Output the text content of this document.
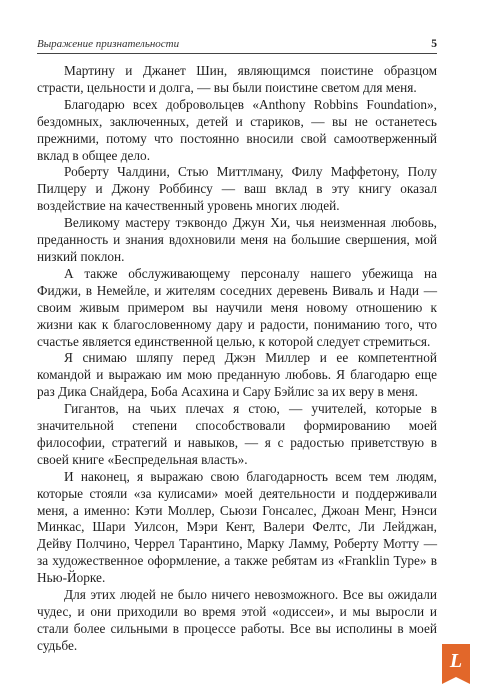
Выражение признательности	5

Мартину и Джанет Шин, являющимся поистине образцом страсти, цельности и долга, — вы были поистине светом для меня.

Благодарю всех добровольцев «Anthony Robbins Foundation», бездомных, заключенных, детей и стариков, — вы не останетесь прежними, потому что постоянно вносили свой самоотверженный вклад в общее дело.

Роберту Чалдини, Стью Миттлману, Филу Маффетону, Полу Пилцеру и Джону Роббинсу — ваш вклад в эту книгу оказал воздействие на качественный уровень многих людей.

Великому мастеру тэквондо Джун Хи, чья неизменная любовь, преданность и знания вдохновили меня на большие свершения, мой низкий поклон.

А также обслуживающему персоналу нашего убежища на Фиджи, в Немейле, и жителям соседних деревень Виваль и Нади — своим живым примером вы научили меня новому отношению к жизни как к благословенному дару и радости, пониманию того, что счастье является единственной целью, к которой следует стремиться.

Я снимаю шляпу перед Джэн Миллер и ее компетентной командой и выражаю им мою преданную любовь. Я благодарю еще раз Дика Снайдера, Боба Асахина и Сару Бэйлис за их веру в меня.

Гигантов, на чьих плечах я стою, — учителей, которые в значительной степени способствовали формированию моей философии, стратегий и навыков, — я с радостью приветствую в своей книге «Беспредельная власть».

И наконец, я выражаю свою благодарность всем тем людям, которые стояли «за кулисами» моей деятельности и поддерживали меня, а именно: Кэти Моллер, Сьюзи Гонсалес, Джоан Менг, Нэнси Минкас, Шари Уилсон, Мэри Кент, Валери Фелтс, Ли Лейджан, Дейву Полчино, Черрел Тарантино, Марку Ламму, Роберту Мотту — за художественное оформление, а также ребятам из «Franklin Type» в Нью-Йорке.

Для этих людей не было ничего невозможного. Все вы ожидали чудес, и они приходили во время этой «одиссеи», и мы выросли и стали более сильными в процессе работы. Все вы исполины в моей судьбе.

L
